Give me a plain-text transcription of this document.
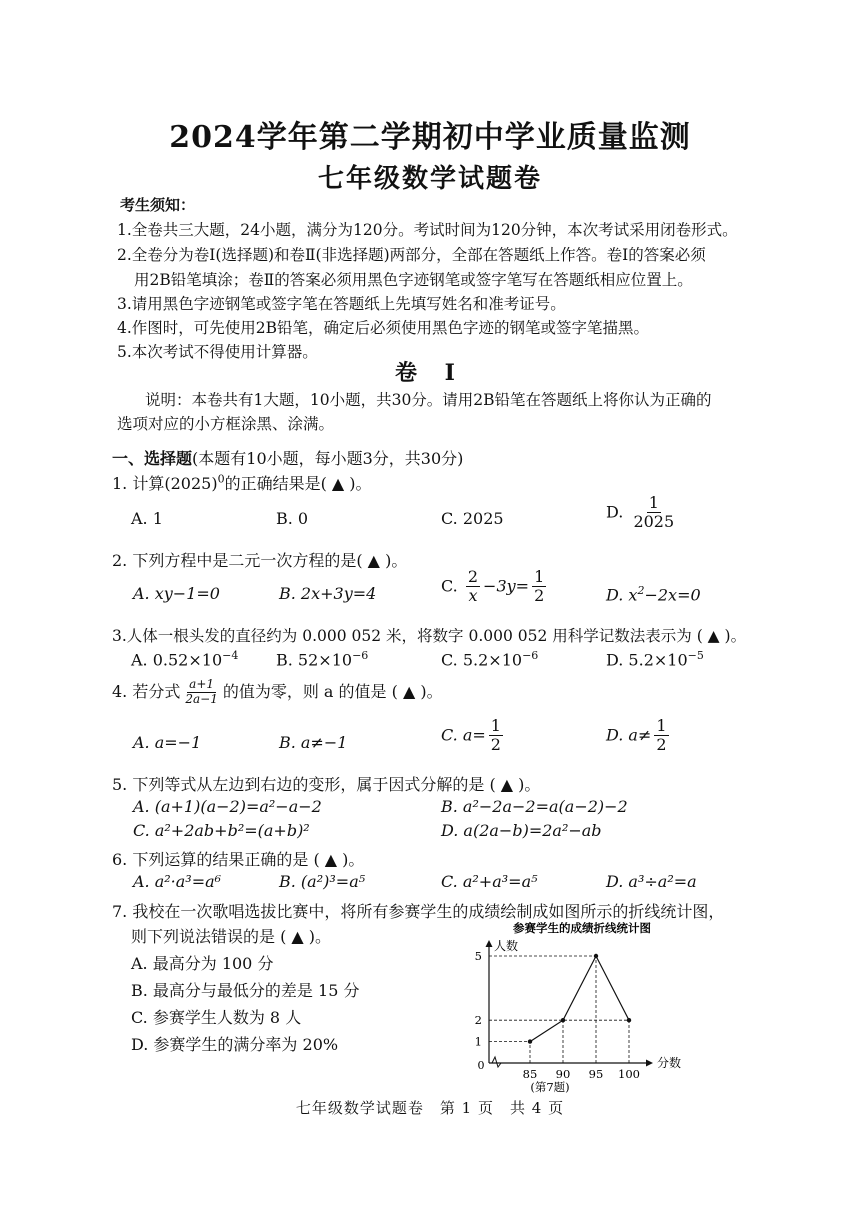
2024学年第二学期初中学业质量监测
七年级数学试题卷
考生须知：
1.全卷共三大题，24小题，满分为120分。考试时间为120分钟，本次考试采用闭卷形式。
2.全卷分为卷Ⅰ(选择题)和卷Ⅱ(非选择题)两部分，全部在答题纸上作答。卷Ⅰ的答案必须
用2B铅笔填涂；卷Ⅱ的答案必须用黑色字迹钢笔或签字笔写在答题纸相应位置上。
3.请用黑色字迹钢笔或签字笔在答题纸上先填写姓名和准考证号。
4.作图时，可先使用2B铅笔，确定后必须使用黑色字迹的钢笔或签字笔描黑。
5.本次考试不得使用计算器。
卷 Ⅰ
说明：本卷共有1大题，10小题，共30分。请用2B铅笔在答题纸上将你认为正确的
选项对应的小方框涂黑、涂满。
一、选择题(本题有10小题，每小题3分，共30分)
1. 计算$(2025)^0$的正确结果是( ▲ )。
A. 1	B. 0	C. 2025	D. $\frac{1}{2025}$
2. 下列方程中是二元一次方程的是( ▲ )。
A. xy−1=0	B. 2x+3y=4	C. $\frac{2}{x} -3y= \frac{1}{2}$	D. $x^2-2x=0$
3.人体一根头发的直径约为 0.000 052 米，将数字 0.000 052 用科学记数法表示为 ( ▲ )。
A. $0.52\times 10^{-4}$ B. $52\times 10^{-6}$	C. $5.2\times 10^{-6}$	D. $5.2\times 10^{-5}$
4. 若分式 $\frac{a+1}{2a-1}$ 的值为零，则 a 的值是 ( ▲ )。
A. a=−1	B. a≠−1	C. $a= \frac{1}{2}$	D. $a\ne \frac{1}{2}$
5. 下列等式从左边到右边的变形，属于因式分解的是 ( ▲ )。
A. (a+1)(a−2)=a²−a−2	B. a²−2a−2=a(a−2)−2
C. a²+2ab+b²=(a+b)²	D. a(2a−b)=2a²−ab
6. 下列运算的结果正确的是 ( ▲ )。
A. a²·a³=a⁶	B. (a²)³=a⁵	C. a²+a³=a⁵	D. a³÷a²=a
7. 我校在一次歌唱选拔比赛中，将所有参赛学生的成绩绘制成如图所示的折线统计图，
则下列说法错误的是 ( ▲ )。
A. 最高分为 100 分
B. 最高分与最低分的差是 15 分
C. 参赛学生人数为 8 人
D. 参赛学生的满分率为 20%
参赛学生的成绩折线统计图
人数
分数
0
(第7题)
1
2
5
85 90 95 100
七年级数学试题卷　第 1 页　共 4 页
